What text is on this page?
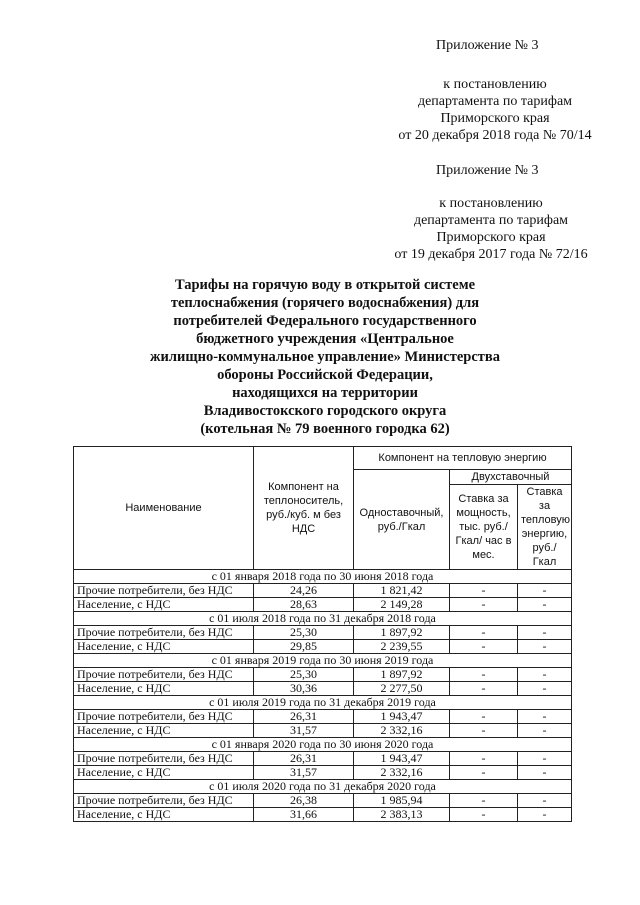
Приложение № 3
к постановлению
департамента по тарифам
Приморского края
от 20 декабря 2018 года № 70/14
Приложение № 3
к постановлению
департамента по тарифам
Приморского края
от 19 декабря 2017 года № 72/16
Тарифы на горячую воду в открытой системе
теплоснабжения (горячего водоснабжения) для
потребителей Федерального государственного
бюджетного учреждения «Центральное
жилищно-коммунальное управление» Министерства
обороны Российской Федерации,
находящихся на территории
Владивостокского городского округа
(котельная № 79 военного городка 62)
Наименование	Компонент на теплоноситель, руб./куб. м без НДС	Компонент на тепловую энергию		
		Одноставочный, руб./Гкал	Двухставочный	
			Ставка за мощность, тыс. руб./Гкал/ час в мес.	Ставка за тепловую энергию, руб./Гкал
с 01 января 2018 года по 30 июня 2018 года				
Прочие потребители, без НДС	24,26	1 821,42	-	-
Население, с НДС	28,63	2 149,28	-	-
с 01 июля 2018 года по 31 декабря 2018 года				
Прочие потребители, без НДС	25,30	1 897,92	-	-
Население, с НДС	29,85	2 239,55	-	-
с 01 января 2019 года по 30 июня 2019 года				
Прочие потребители, без НДС	25,30	1 897,92	-	-
Население, с НДС	30,36	2 277,50	-	-
с 01 июля 2019 года по 31 декабря 2019 года				
Прочие потребители, без НДС	26,31	1 943,47	-	-
Население, с НДС	31,57	2 332,16	-	-
с 01 января 2020 года по 30 июня 2020 года				
Прочие потребители, без НДС	26,31	1 943,47	-	-
Население, с НДС	31,57	2 332,16	-	-
с 01 июля 2020 года по 31 декабря 2020 года				
Прочие потребители, без НДС	26,38	1 985,94	-	-
Население, с НДС	31,66	2 383,13	-	-
